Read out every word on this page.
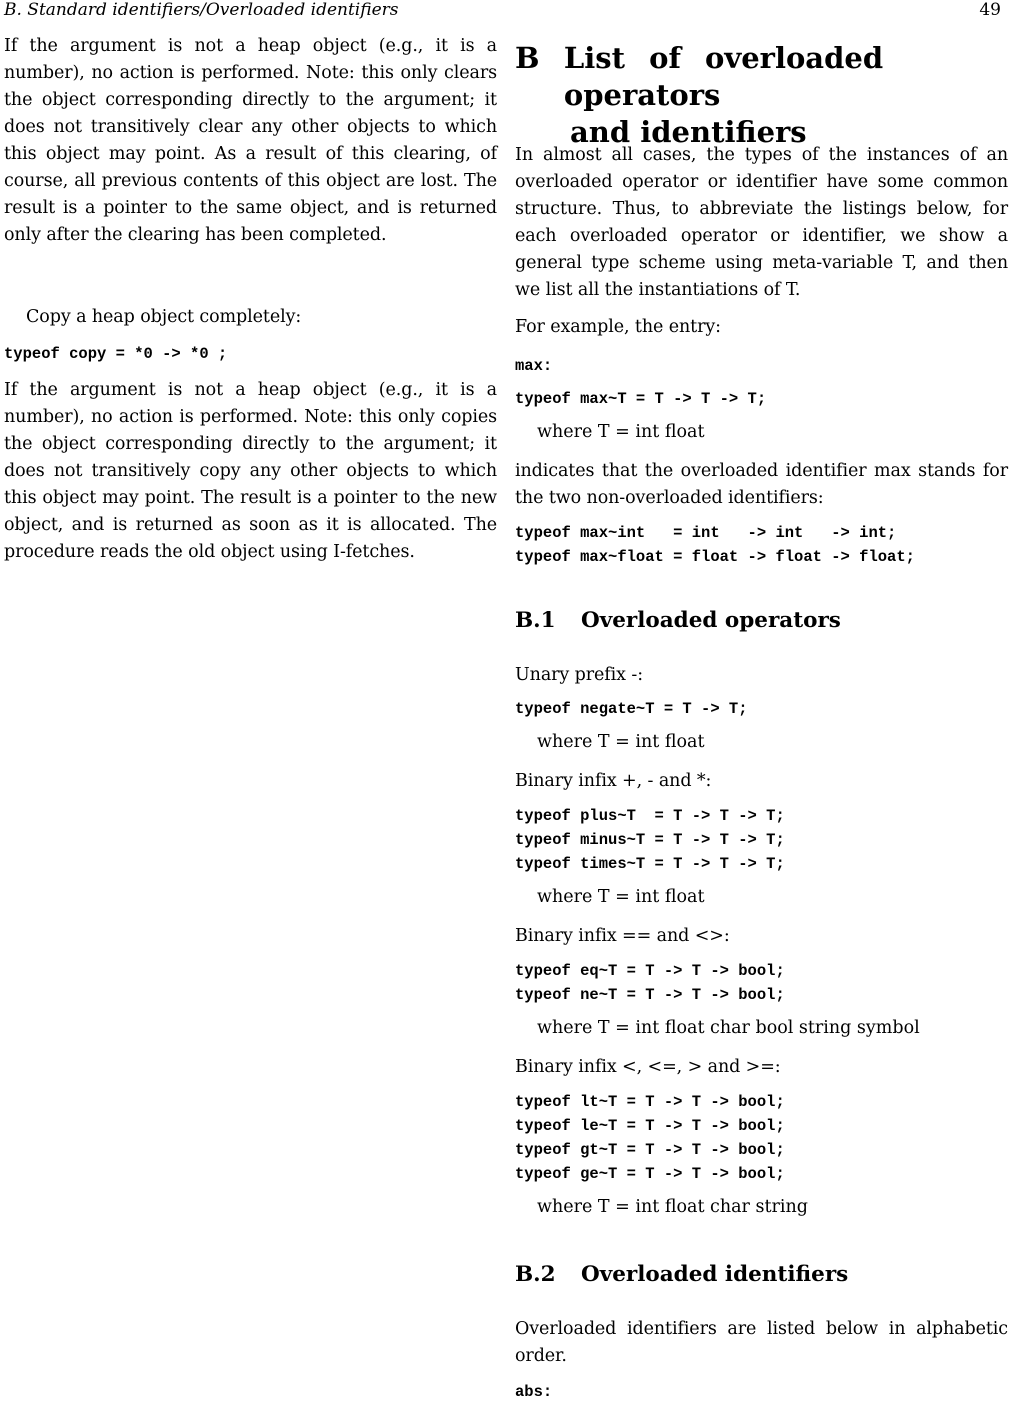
B. Standard identifiers/Overloaded identifiers	49

If the argument is not a heap object (e.g., it is a number), no action is performed. Note: this only clears the object corresponding directly to the argument; it does not transitively clear any other objects to which this object may point. As a result of this clearing, of course, all previous contents of this object are lost. The result is a pointer to the same object, and is returned only after the clearing has been completed.

Copy a heap object completely:

typeof copy = *0 -> *0 ;

If the argument is not a heap object (e.g., it is a number), no action is performed. Note: this only copies the object corresponding directly to the argument; it does not transitively copy any other objects to which this object may point. The result is a pointer to the new object, and is returned as soon as it is allocated. The procedure reads the old object using I-fetches.

B List of overloaded operators
and identifiers

In almost all cases, the types of the instances of an overloaded operator or identifier have some common structure. Thus, to abbreviate the listings below, for each overloaded operator or identifier, we show a general type scheme using meta-variable T, and then we list all the instantiations of T.

For example, the entry:

max:
typeof max~T = T -> T -> T;
where T = int float

indicates that the overloaded identifier max stands for the two non-overloaded identifiers:

typeof max~int   = int   -> int   -> int;
typeof max~float = float -> float -> float;
B.1	Overloaded operators

Unary prefix -:

typeof negate~T = T -> T;
where T = int float

Binary infix +, - and *:

typeof plus~T  = T -> T -> T;
typeof minus~T = T -> T -> T;
typeof times~T = T -> T -> T;
where T = int float

Binary infix == and <>:

typeof eq~T = T -> T -> bool;
typeof ne~T = T -> T -> bool;
where T = int float char bool string symbol

Binary infix <, <=, > and >=:

typeof lt~T = T -> T -> bool;
typeof le~T = T -> T -> bool;
typeof gt~T = T -> T -> bool;
typeof ge~T = T -> T -> bool;
where T = int float char string
B.2	Overloaded identifiers

Overloaded identifiers are listed below in alphabetic order.

abs:
